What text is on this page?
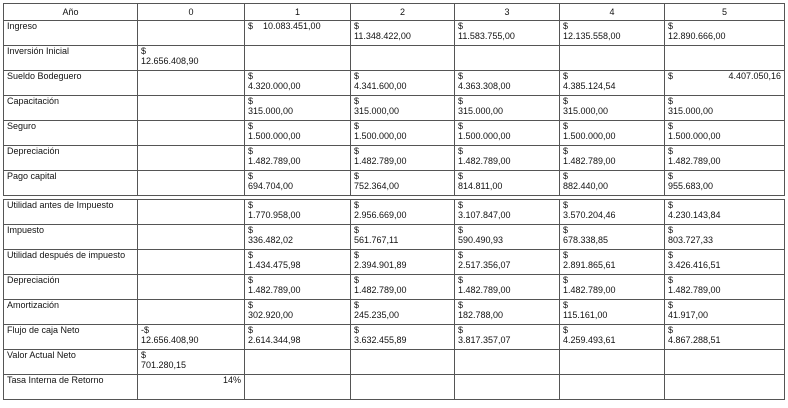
Año	0	1	2	3	4	5
Ingreso		$ 10.083.451,00	$
11.348.422,00	$
11.583.755,00	$
12.135.558,00	$
12.890.666,00

Inversión Inicial	$
12.656.408,90					

Sueldo Bodeguero		$
4.320.000,00	$
4.341.600,00	$
4.363.308,00	$
4.385.124,54	$ 4.407.050,16

Capacitación		$
315.000,00	$
315.000,00	$
315.000,00	$
315.000,00	$
315.000,00

Seguro		$
1.500.000,00	$
1.500.000,00	$
1.500.000,00	$
1.500.000,00	$
1.500.000,00

Depreciación		$
1.482.789,00	$
1.482.789,00	$
1.482.789,00	$
1.482.789,00	$
1.482.789,00

Pago capital		$
694.704,00	$
752.364,00	$
814.811,00	$
882.440,00	$
955.683,00

Utilidad antes de Impuesto		$
1.770.958,00	$
2.956.669,00	$
3.107.847,00	$
3.570.204,46	$
4.230.143,84

Impuesto		$
336.482,02	$
561.767,11	$
590.490,93	$
678.338,85	$
803.727,33

Utilidad después de impuesto		$
1.434.475,98	$
2.394.901,89	$
2.517.356,07	$
2.891.865,61	$
3.426.416,51

Depreciación		$
1.482.789,00	$
1.482.789,00	$
1.482.789,00	$
1.482.789,00	$
1.482.789,00

Amortización		$
302.920,00	$
245.235,00	$
182.788,00	$
115.161,00	$
41.917,00

Flujo de caja Neto	-$
12.656.408,90	$
2.614.344,98	$
3.632.455,89	$
3.817.357,07	$
4.259.493,61	$
4.867.288,51

Valor Actual Neto	$
701.280,15					

Tasa Interna de Retorno	14%					
